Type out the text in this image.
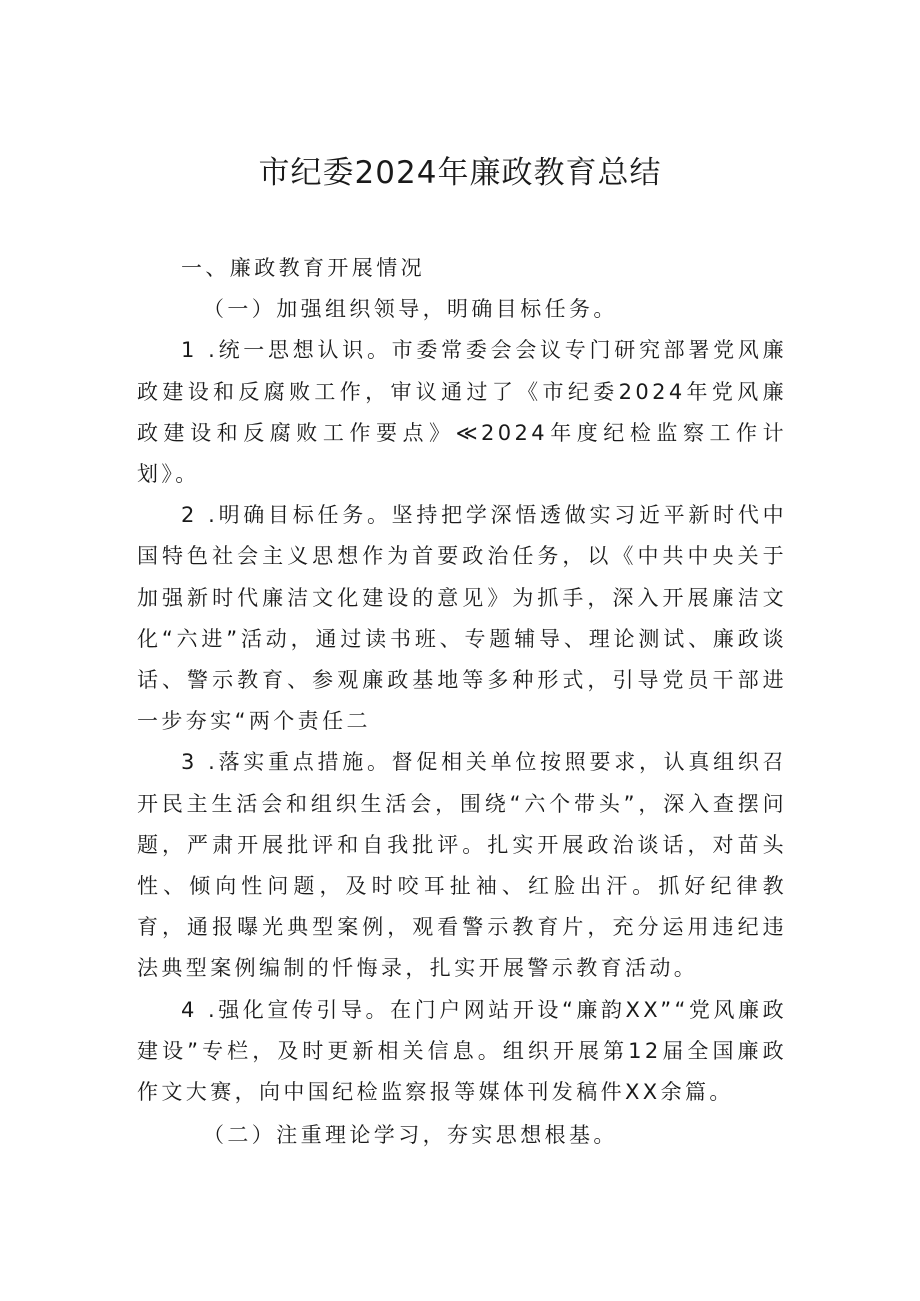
市纪委2024年廉政教育总结

一、廉政教育开展情况

（一）加强组织领导，明确目标任务。

1 .统一思想认识。市委常委会会议专门研究部署党风廉政建设和反腐败工作，审议通过了《市纪委2024年党风廉政建设和反腐败工作要点》≪2024年度纪检监察工作计划》。

2 .明确目标任务。坚持把学深悟透做实习近平新时代中国特色社会主义思想作为首要政治任务，以《中共中央关于加强新时代廉洁文化建设的意见》为抓手，深入开展廉洁文化“六进”活动，通过读书班、专题辅导、理论测试、廉政谈话、警示教育、参观廉政基地等多种形式，引导党员干部进一步夯实“两个责任二

3 .落实重点措施。督促相关单位按照要求，认真组织召开民主生活会和组织生活会，围绕“六个带头”，深入查摆问题，严肃开展批评和自我批评。扎实开展政治谈话，对苗头性、倾向性问题，及时咬耳扯袖、红脸出汗。抓好纪律教育，通报曝光典型案例，观看警示教育片，充分运用违纪违法典型案例编制的忏悔录，扎实开展警示教育活动。

4 .强化宣传引导。在门户网站开设“廉韵XX”“党风廉政建设”专栏，及时更新相关信息。组织开展第12届全国廉政作文大赛，向中国纪检监察报等媒体刊发稿件XX余篇。

（二）注重理论学习，夯实思想根基。
